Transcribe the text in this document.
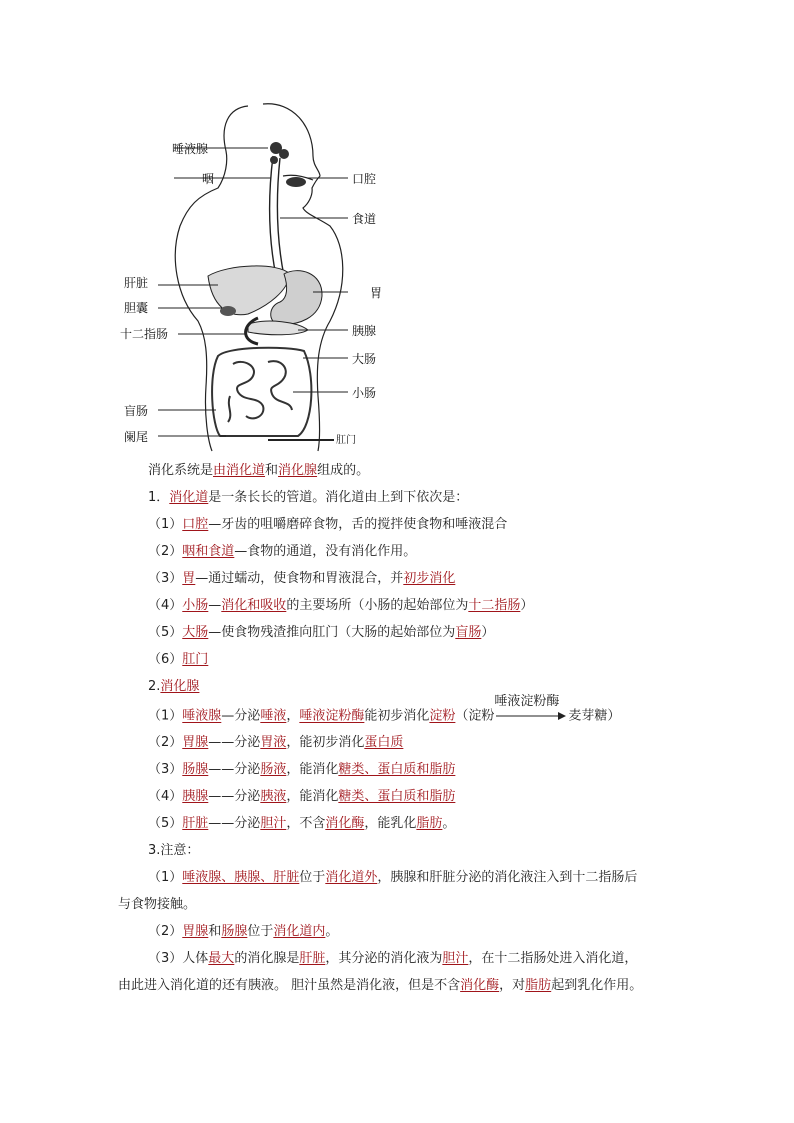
唾液腺
咽	口腔
食道
肝脏
胃
胆囊
十二指肠	胰腺
大肠
小肠
盲肠
阑尾	肛门
消化系统是由消化道和消化腺组成的。
1．消化道是一条长长的管道。消化道由上到下依次是：
（1）口腔—牙齿的咀嚼磨碎食物，舌的搅拌使食物和唾液混合
（2）咽和食道—食物的通道，没有消化作用。
（3）胃—通过蠕动，使食物和胃液混合，并初步消化
（4）小肠—消化和吸收的主要场所（小肠的起始部位为十二指肠）
（5）大肠—使食物残渣推向肛门（大肠的起始部位为盲肠）
（6）肛门
2.消化腺
（1）唾液腺—分泌唾液，唾液淀粉酶能初步消化淀粉（淀粉
唾液淀粉酶
麦芽糖）
（2）胃腺——分泌胃液，能初步消化蛋白质
（3）肠腺——分泌肠液，能消化糖类、蛋白质和脂肪
（4）胰腺——分泌胰液，能消化糖类、蛋白质和脂肪
（5）肝脏——分泌胆汁，不含消化酶，能乳化脂肪。
3.注意：
（1）唾液腺、胰腺、肝脏位于消化道外，胰腺和肝脏分泌的消化液注入到十二指肠后
与食物接触。
（2）胃腺和肠腺位于消化道内。
（3）人体最大的消化腺是肝脏，其分泌的消化液为胆汁，在十二指肠处进入消化道，
由此进入消化道的还有胰液。 胆汁虽然是消化液，但是不含消化酶，对脂肪起到乳化作用。
